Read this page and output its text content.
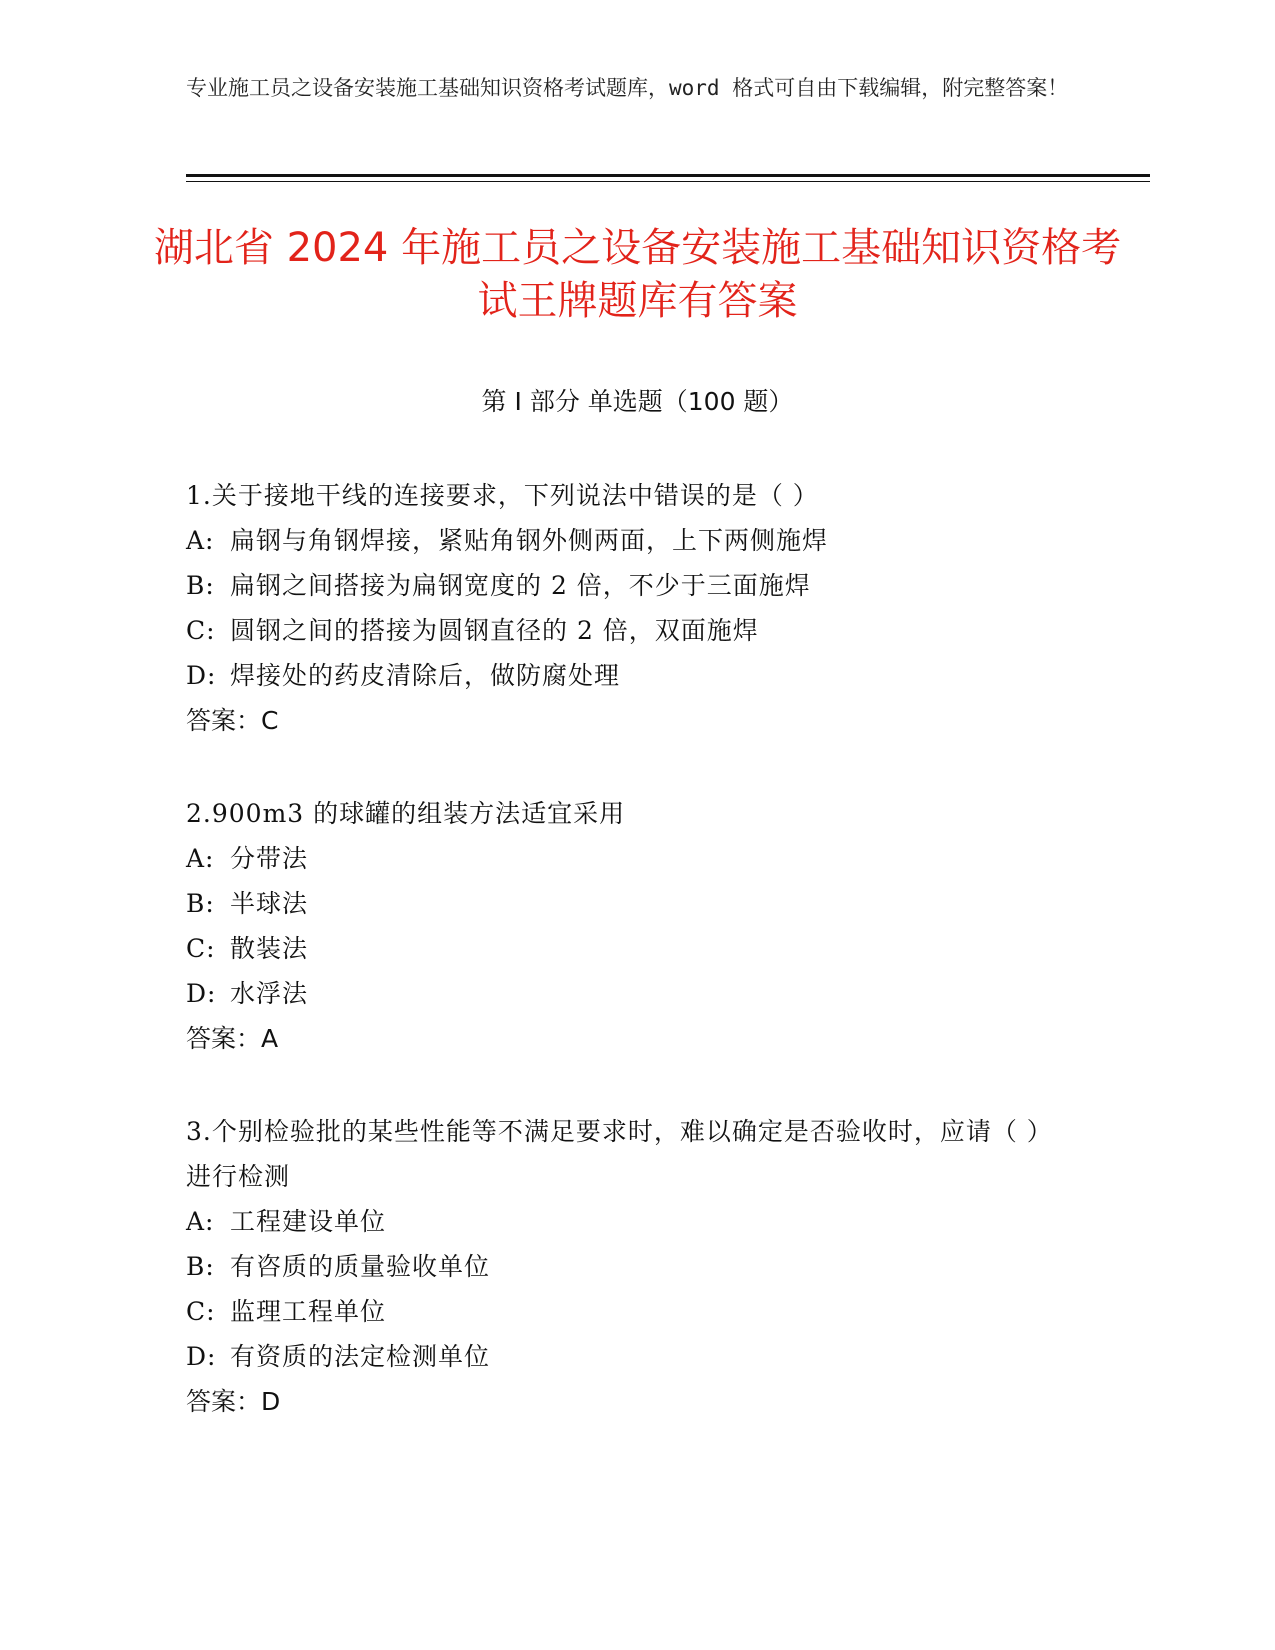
专业施工员之设备安装施工基础知识资格考试题库，word 格式可自由下载编辑，附完整答案！
湖北省 2024 年施工员之设备安装施工基础知识资格考试王牌题库有答案
第 I 部分 单选题（100 题）
1.关于接地干线的连接要求，下列说法中错误的是（ ）
A: 扁钢与角钢焊接，紧贴角钢外侧两面，上下两侧施焊
B: 扁钢之间搭接为扁钢宽度的 2 倍，不少于三面施焊
C: 圆钢之间的搭接为圆钢直径的 2 倍，双面施焊
D: 焊接处的药皮清除后，做防腐处理
答案：C
2.900m3 的球罐的组装方法适宜采用
A: 分带法
B: 半球法
C: 散装法
D: 水浮法
答案：A
3.个别检验批的某些性能等不满足要求时，难以确定是否验收时，应请（ ）进行检测
A: 工程建设单位
B: 有咨质的质量验收单位
C: 监理工程单位
D: 有资质的法定检测单位
答案：D
